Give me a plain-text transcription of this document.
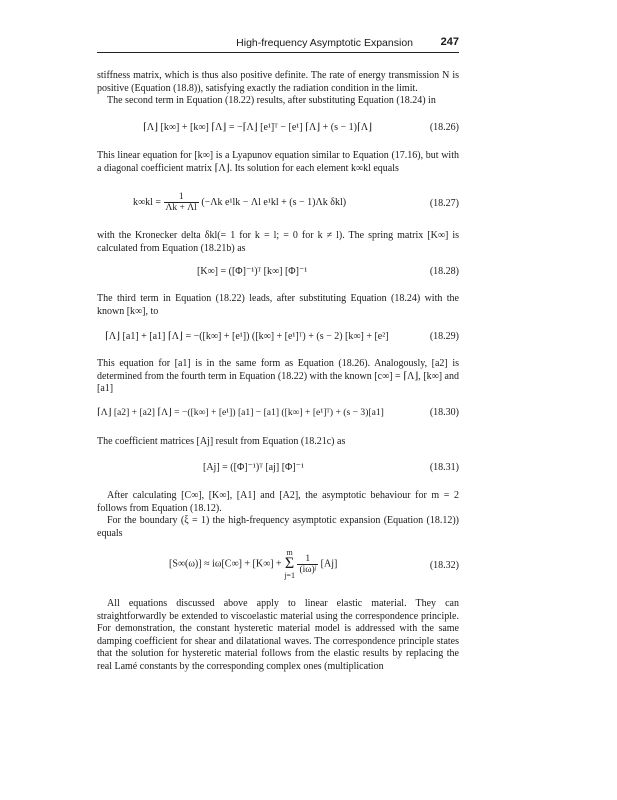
High-frequency Asymptotic Expansion	247
stiffness matrix, which is thus also positive definite. The rate of energy transmission N is positive (Equation (18.8)), satisfying exactly the radiation condition in the limit.
The second term in Equation (18.22) results, after substituting Equation (18.24) in
⌈Λ⌋ [k∞] + [k∞] ⌈Λ⌋ = −⌈Λ⌋ [e¹]ᵀ − [e¹] ⌈Λ⌋ + (s − 1)⌈Λ⌋	(18.26)
This linear equation for [k∞] is a Lyapunov equation similar to Equation (17.16), but with a diagonal coefficient matrix ⌈Λ⌋. Its solution for each element k∞kl equals
$k\infty kl = \frac{1}{\Lambda k + \Lambda l} (-\Lambda k$ e¹lk − Λl e¹kl + (s − 1)Λk δkl)	(18.27)
with the Kronecker delta δkl(= 1 for k = l; = 0 for k ≠ l). The spring matrix [K∞] is calculated from Equation (18.21b) as
[K∞] = ([Φ]⁻¹)ᵀ [k∞] [Φ]⁻¹	(18.28)
The third term in Equation (18.22) leads, after substituting Equation (18.24) with the known [k∞], to
⌈Λ⌋ [a1] + [a1] ⌈Λ⌋ = −([k∞] + [e¹]) ([k∞] + [e¹]ᵀ) + (s − 2) [k∞] + [e²]	(18.29)
This equation for [a1] is in the same form as Equation (18.26). Analogously, [a2] is determined from the fourth term in Equation (18.22) with the known [c∞] = ⌈Λ⌋, [k∞] and [a1]
⌈Λ⌋ [a2] + [a2] ⌈Λ⌋ = −([k∞] + [e¹]) [a1] − [a1] ([k∞] + [e¹]ᵀ) + (s − 3)[a1]	(18.30)
The coefficient matrices [Aj] result from Equation (18.21c) as
[Aj] = ([Φ]⁻¹)ᵀ [aj] [Φ]⁻¹	(18.31)
After calculating [C∞], [K∞], [A1] and [A2], the asymptotic behaviour for m = 2 follows from Equation (18.12).
For the boundary (ξ = 1) the high-frequency asymptotic expansion (Equation (18.12)) equals
[S∞(ω)] ≈ iω[C∞] + [K∞] + m
Σ
j=1
$\frac{1}{\text{(iω)ʲ}} [Aj]$	(18.32)
All equations discussed above apply to linear elastic material. They can straightforwardly be extended to viscoelastic material using the correspondence principle. For demonstration, the constant hysteretic material model is addressed with the same damping coefficient for shear and dilatational waves. The correspondence principle states that the solution for hysteretic material follows from the elastic results by replacing the real Lamé constants by the corresponding complex ones (multiplication
